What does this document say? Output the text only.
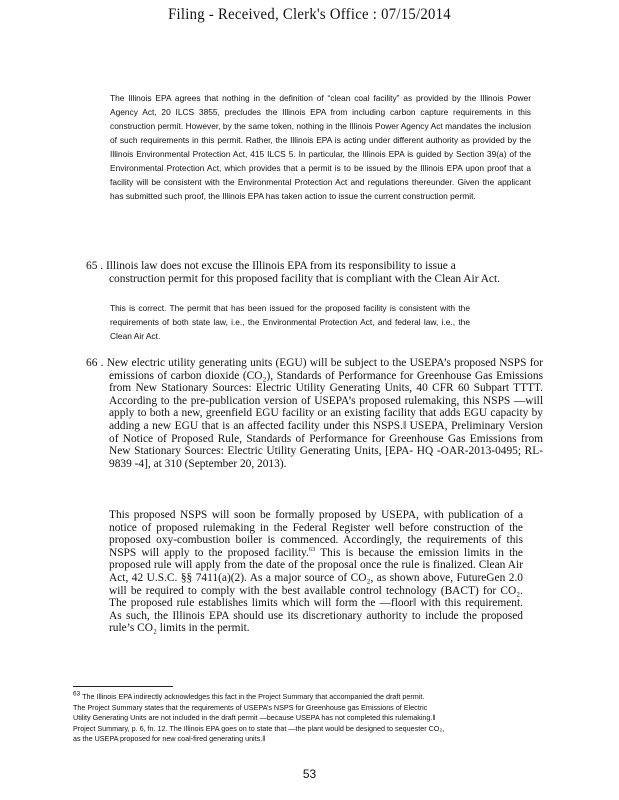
Filing - Received, Clerk's Office : 07/15/2014

The Illinois EPA agrees that nothing in the definition of “clean coal facility” as provided by the Illinois Power Agency Act, 20 ILCS 3855, precludes the Illinois EPA from including carbon capture requirements in this construction permit. However, by the same token, nothing in the Illinois Power Agency Act mandates the inclusion of such requirements in this permit. Rather, the Illinois EPA is acting under different authority as provided by the Illinois Environmental Protection Act, 415 ILCS 5. In particular, the Illinois EPA is guided by Section 39(a) of the Environmental Protection Act, which provides that a permit is to be issued by the Illinois EPA upon proof that a facility will be consistent with the Environmental Protection Act and regulations thereunder. Given the applicant has submitted such proof, the Illinois EPA has taken action to issue the current construction permit.

65 . Illinois law does not excuse the Illinois EPA from its responsibility to issue a
construction permit for this proposed facility that is compliant with the Clean Air Act.

This is correct. The permit that has been issued for the proposed facility is consistent with the requirements of both state law, i.e., the Environmental Protection Act, and federal law, i.e., the Clean Air Act.

66 . New electric utility generating units (EGU) will be subject to the USEPA’s proposed NSPS for emissions of carbon dioxide (CO₂), Standards of Performance for Greenhouse Gas Emissions from New Stationary Sources: Electric Utility Generating Units, 40 CFR 60 Subpart TTTT. According to the pre-publication version of USEPA’s proposed rulemaking, this NSPS —will apply to both a new, greenfield EGU facility or an existing facility that adds EGU capacity by adding a new EGU that is an affected facility under this NSPS.‖ USEPA, Preliminary Version of Notice of Proposed Rule, Standards of Performance for Greenhouse Gas Emissions from New Stationary Sources: Electric Utility Generating Units, [EPA- HQ -OAR-2013-0495; RL-9839 -4], at 310 (September 20, 2013).
This proposed NSPS will soon be formally proposed by USEPA, with publication of a notice of proposed rulemaking in the Federal Register well before construction of the proposed oxy-combustion boiler is commenced. Accordingly, the requirements of this NSPS will apply to the proposed facility.$^{63}$ This is because the emission limits in the proposed rule will apply from the date of the proposal once the rule is finalized. Clean Air Act, 42 U.S.C. §§ 7411(a)(2). As a major source of CO₂, as shown above, FutureGen 2.0 will be required to comply with the best available control technology (BACT) for CO₂. The proposed rule establishes limits which will form the —floor‖ with this requirement. As such, the Illinois EPA should use its discretionary authority to include the proposed rule’s CO₂ limits in the permit.

$^{63}$ The Illinois EPA indirectly acknowledges this fact in the Project Summary that accompanied the draft permit.

The Project Summary states that the requirements of USEPA’s NSPS for Greenhouse gas Emissions of Electric

Utility Generating Units are not included in the draft permit —because USEPA has not completed this rulemaking.‖

Project Summary, p. 6, fn. 12. The Illinois EPA goes on to state that —the plant would be designed to sequester CO₂,

as the USEPA proposed for new coal-fired generating units.‖

53
